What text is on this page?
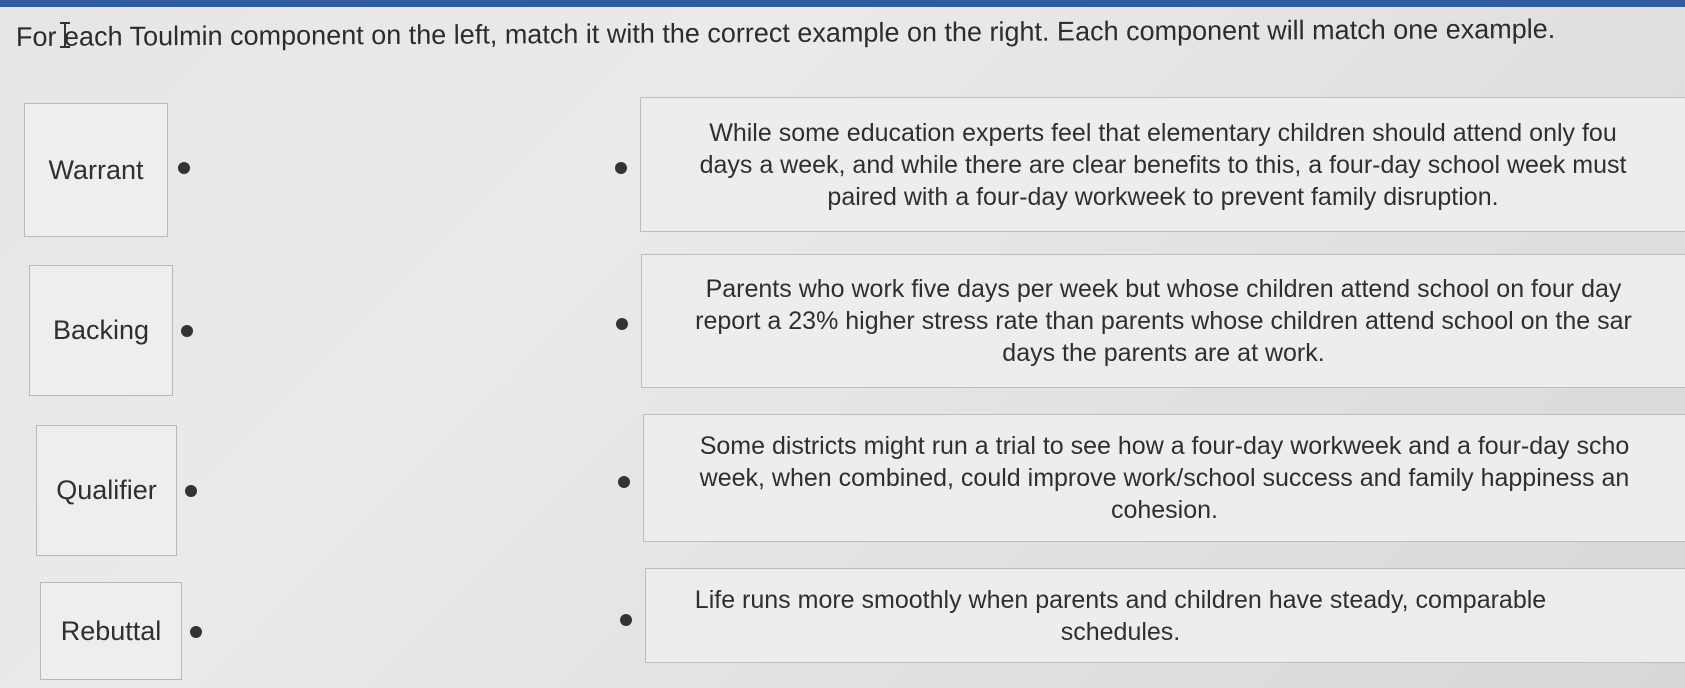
For each Toulmin component on the left, match it with the correct example on the right. Each component will match one example.
Warrant
Backing
Qualifier
Rebuttal
While some education experts feel that elementary children should attend only fou
days a week, and while there are clear benefits to this, a four-day school week must
paired with a four-day workweek to prevent family disruption.
Parents who work five days per week but whose children attend school on four day
report a 23% higher stress rate than parents whose children attend school on the sar
days the parents are at work.
Some districts might run a trial to see how a four-day workweek and a four-day scho
week, when combined, could improve work/school success and family happiness an
cohesion.
Life runs more smoothly when parents and children have steady, comparable
schedules.
